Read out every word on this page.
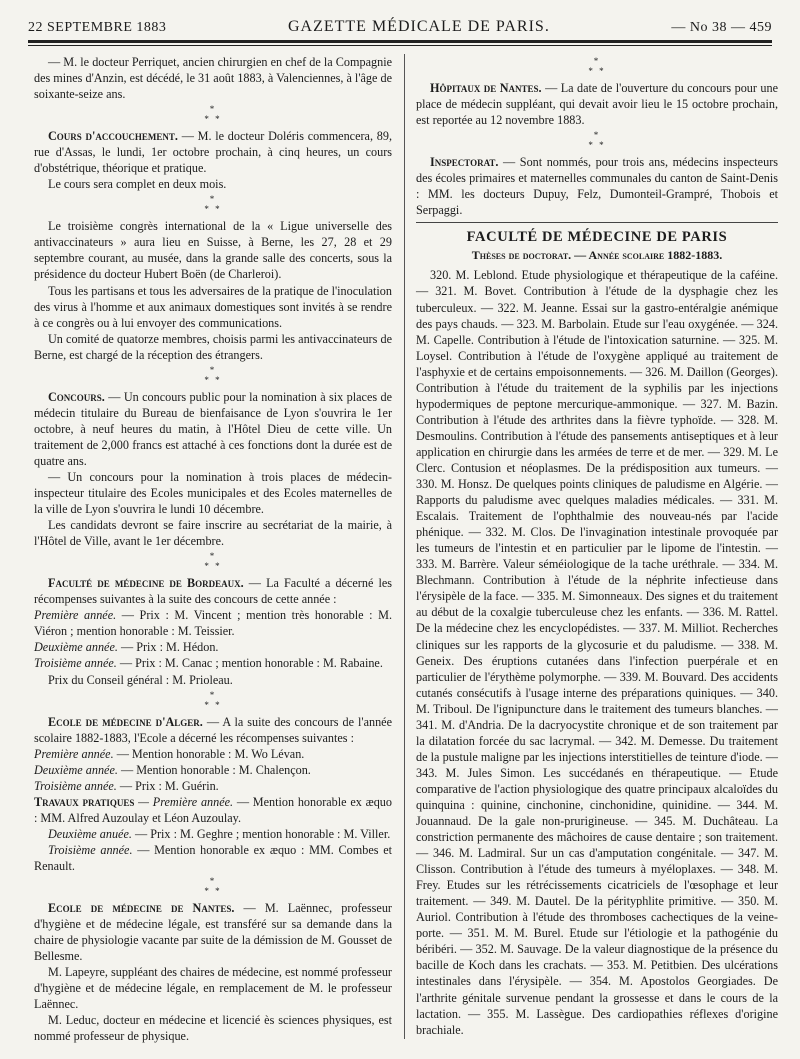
22 SEPTEMBRE 1883	GAZETTE MÉDICALE DE PARIS.	— No 38 — 459

— M. le docteur Perriquet, ancien chirurgien en chef de la Compagnie des mines d'Anzin, est décédé, le 31 août 1883, à Valenciennes, à l'âge de soixante-seize ans.

*
* *

Cours d'accouchement. — M. le docteur Doléris commencera, 89, rue d'Assas, le lundi, 1er octobre prochain, à cinq heures, un cours d'obstétrique, théorique et pratique.

Le cours sera complet en deux mois.

*
* *

Le troisième congrès international de la « Ligue universelle des antivaccinateurs » aura lieu en Suisse, à Berne, les 27, 28 et 29 septembre courant, au musée, dans la grande salle des concerts, sous la présidence du docteur Hubert Boën (de Charleroi).

Tous les partisans et tous les adversaires de la pratique de l'inoculation des virus à l'homme et aux animaux domestiques sont invités à se rendre à ce congrès ou à lui envoyer des communications.

Un comité de quatorze membres, choisis parmi les antivaccinateurs de Berne, est chargé de la réception des étrangers.

*
* *

Concours. — Un concours public pour la nomination à six places de médecin titulaire du Bureau de bienfaisance de Lyon s'ouvrira le 1er octobre, à neuf heures du matin, à l'Hôtel Dieu de cette ville. Un traitement de 2,000 francs est attaché à ces fonctions dont la durée est de quatre ans.

— Un concours pour la nomination à trois places de médecin-inspecteur titulaire des Ecoles municipales et des Ecoles maternelles de la ville de Lyon s'ouvrira le lundi 10 décembre.

Les candidats devront se faire inscrire au secrétariat de la mairie, à l'Hôtel de Ville, avant le 1er décembre.

*
* *

Faculté de médecine de Bordeaux. — La Faculté a décerné les récompenses suivantes à la suite des concours de cette année :

Première année. — Prix : M. Vincent ; mention très honorable : M. Viéron ; mention honorable : M. Teissier.

Deuxième année. — Prix : M. Hédon.

Troisième année. — Prix : M. Canac ; mention honorable : M. Rabaine.

Prix du Conseil général : M. Prioleau.

*
* *

Ecole de médecine d'Alger. — A la suite des concours de l'année scolaire 1882-1883, l'Ecole a décerné les récompenses suivantes :

Première année. — Mention honorable : M. Wo Lévan.

Deuxième année. — Mention honorable : M. Chalençon.

Troisième année. — Prix : M. Guérin.

Travaux pratiques — Première année. — Mention honorable ex æquo : MM. Alfred Auzoulay et Léon Auzoulay.

Deuxième anuée. — Prix : M. Geghre ; mention honorable : M. Viller.

Troisième année. — Mention honorable ex æquo : MM. Combes et Renault.

*
* *

Ecole de médecine de Nantes. — M. Laënnec, professeur d'hygiène et de médecine légale, est transféré sur sa demande dans la chaire de physiologie vacante par suite de la démission de M. Gousset de Bellesme.

M. Lapeyre, suppléant des chaires de médecine, est nommé professeur d'hygiène et de médecine légale, en remplacement de M. le professeur Laënnec.

M. Leduc, docteur en médecine et licencié ès sciences physiques, est nommé professeur de physique.

*
* *

Hôpitaux de Nantes. — La date de l'ouverture du concours pour une place de médecin suppléant, qui devait avoir lieu le 15 octobre prochain, est reportée au 12 novembre 1883.

*
* *

Inspectorat. — Sont nommés, pour trois ans, médecins inspecteurs des écoles primaires et maternelles communales du canton de Saint-Denis : MM. les docteurs Dupuy, Felz, Dumonteil-Grampré, Thobois et Serpaggi.

FACULTÉ DE MÉDECINE DE PARIS
Thèses de doctorat. — Année scolaire 1882-1883.

320. M. Leblond. Etude physiologique et thérapeutique de la caféine. — 321. M. Bovet. Contribution à l'étude de la dysphagie chez les tuberculeux. — 322. M. Jeanne. Essai sur la gastro-entéralgie anémique des pays chauds. — 323. M. Barbolain. Etude sur l'eau oxygénée. — 324. M. Capelle. Contribution à l'étude de l'intoxication saturnine. — 325. M. Loysel. Contribution à l'étude de l'oxygène appliqué au traitement de l'asphyxie et de certains empoisonnements. — 326. M. Daillon (Georges). Contribution à l'étude du traitement de la syphilis par les injections hypodermiques de peptone mercurique-ammonique. — 327. M. Bazin. Contribution à l'étude des arthrites dans la fièvre typhoïde. — 328. M. Desmoulins. Contribution à l'étude des pansements antiseptiques et à leur application en chirurgie dans les armées de terre et de mer. — 329. M. Le Clerc. Contusion et néoplasmes. De la prédisposition aux tumeurs. — 330. M. Honsz. De quelques points cliniques de paludisme en Algérie. — Rapports du paludisme avec quelques maladies médicales. — 331. M. Escalais. Traitement de l'ophthalmie des nouveau-nés par l'acide phénique. — 332. M. Clos. De l'invagination intestinale provoquée par les tumeurs de l'intestin et en particulier par le lipome de l'intestin. — 333. M. Barrère. Valeur séméiologique de la tache uréthrale. — 334. M. Blechmann. Contribution à l'étude de la néphrite infectieuse dans l'érysipèle de la face. — 335. M. Simonneaux. Des signes et du traitement au début de la coxalgie tuberculeuse chez les enfants. — 336. M. Rattel. De la médecine chez les encyclopédistes. — 337. M. Milliot. Recherches cliniques sur les rapports de la glycosurie et du paludisme. — 338. M. Geneix. Des éruptions cutanées dans l'infection puerpérale et en particulier de l'érythème polymorphe. — 339. M. Bouvard. Des accidents cutanés consécutifs à l'usage interne des préparations quiniques. — 340. M. Triboul. De l'ignipuncture dans le traitement des tumeurs blanches. — 341. M. d'Andria. De la dacryocystite chronique et de son traitement par la dilatation forcée du sac lacrymal. — 342. M. Demesse. Du traitement de la pustule maligne par les injections interstitielles de teinture d'iode. — 343. M. Jules Simon. Les succédanés en thérapeutique. — Etude comparative de l'action physiologique des quatre principaux alcaloïdes du quinquina : quinine, cinchonine, cinchonidine, quinidine. — 344. M. Jouannaud. De la gale non-prurigineuse. — 345. M. Duchâteau. La constriction permanente des mâchoires de cause dentaire ; son traitement. — 346. M. Ladmiral. Sur un cas d'amputation congénitale. — 347. M. Clisson. Contribution à l'étude des tumeurs à myéloplaxes. — 348. M. Frey. Etudes sur les rétrécissements cicatriciels de l'œsophage et leur traitement. — 349. M. Dautel. De la pérityphlite primitive. — 350. M. Auriol. Contribution à l'étude des thromboses cachectiques de la veine-porte. — 351. M. M. Burel. Etude sur l'étiologie et la pathogénie du béribéri. — 352. M. Sauvage. De la valeur diagnostique de la présence du bacille de Koch dans les crachats. — 353. M. Petitbien. Des ulcérations intestinales dans l'érysipèle. — 354. M. Apostolos Georgiades. De l'arthrite génitale survenue pendant la grossesse et dans le cours de la lactation. — 355. M. Lassègue. Des cardiopathies réflexes d'origine brachiale.
